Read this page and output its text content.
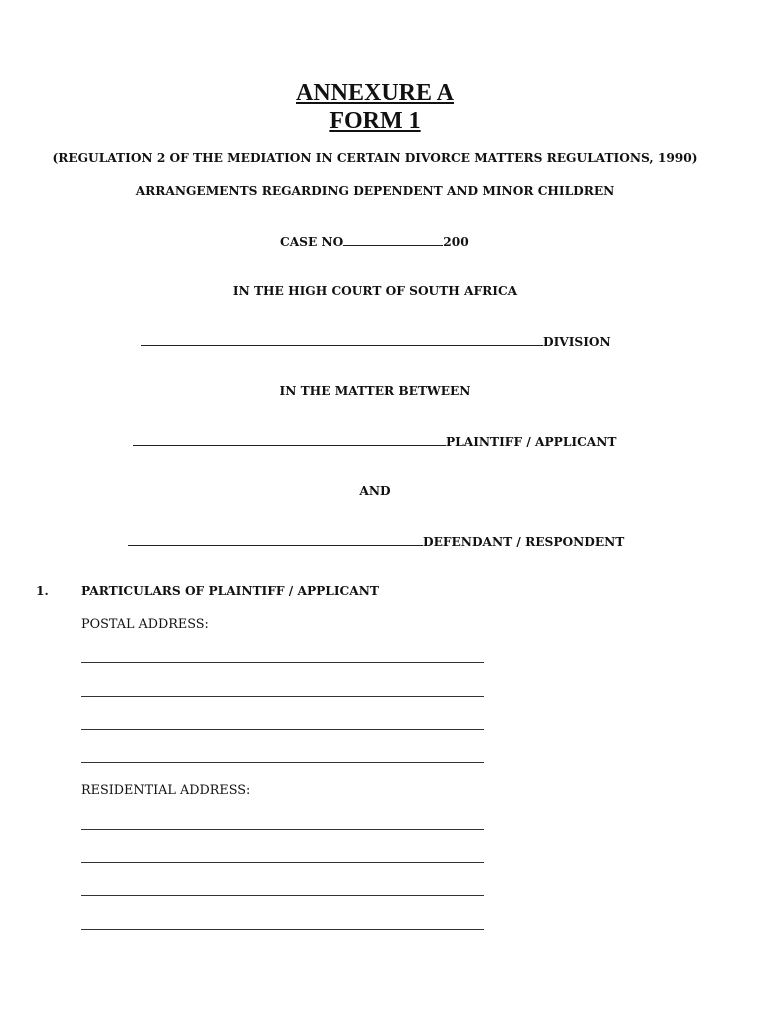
ANNEXURE A
FORM 1
(REGULATION 2 OF THE MEDIATION IN CERTAIN DIVORCE MATTERS REGULATIONS, 1990)
ARRANGEMENTS REGARDING DEPENDENT AND MINOR CHILDREN
CASE NO	200
IN THE HIGH COURT OF SOUTH AFRICA
DIVISION
IN THE MATTER BETWEEN
PLAINTIFF / APPLICANT
AND
DEFENDANT / RESPONDENT
1.	PARTICULARS OF PLAINTIFF / APPLICANT
POSTAL ADDRESS:
RESIDENTIAL ADDRESS:
